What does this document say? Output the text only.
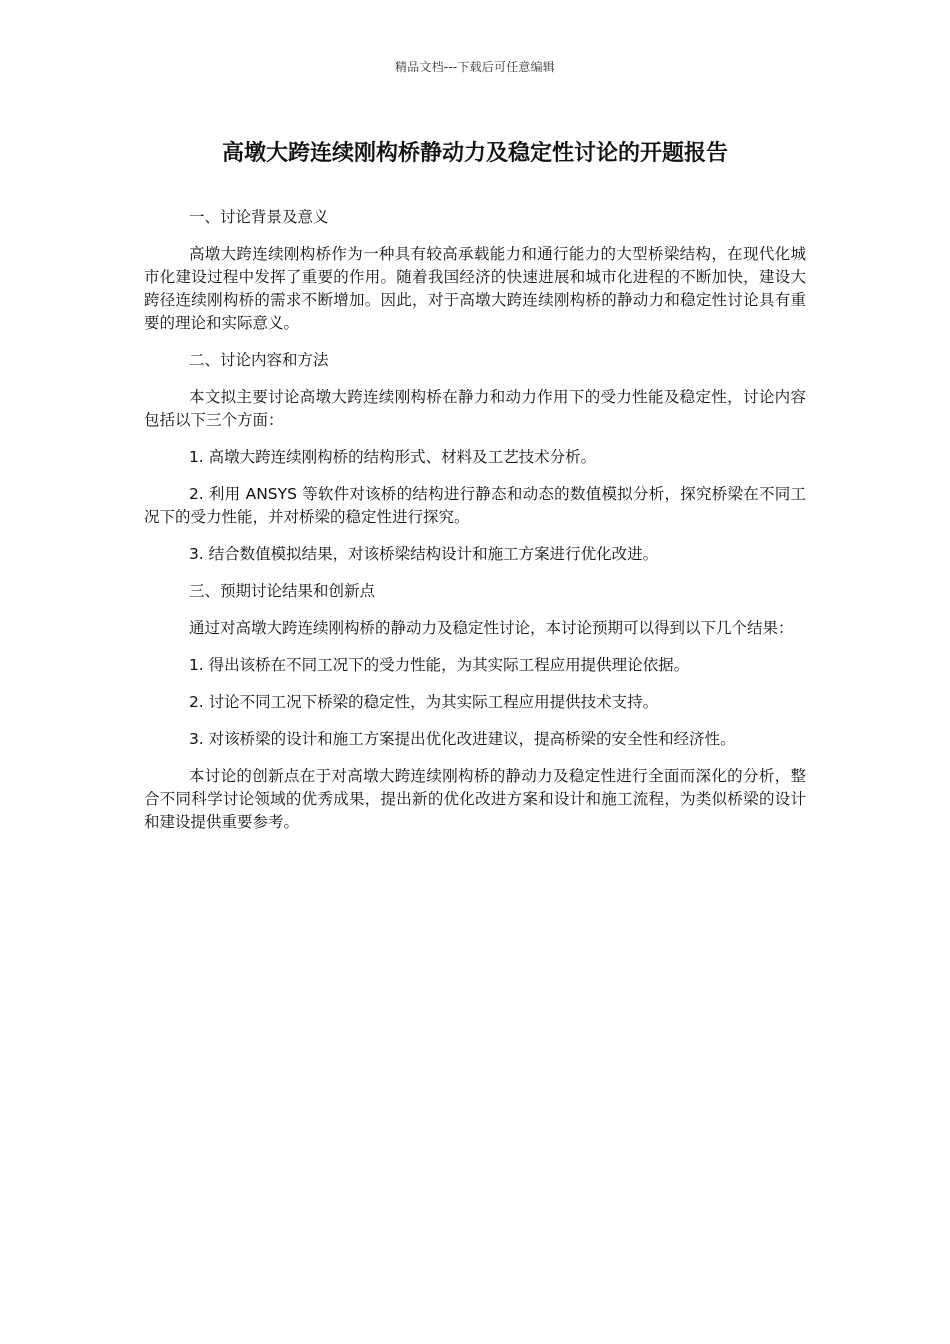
精品文档---下载后可任意编辑
高墩大跨连续刚构桥静动力及稳定性讨论的开题报告

一、讨论背景及意义

高墩大跨连续刚构桥作为一种具有较高承载能力和通行能力的大型桥梁结构，在现代化城市化建设过程中发挥了重要的作用。随着我国经济的快速进展和城市化进程的不断加快，建设大跨径连续刚构桥的需求不断增加。因此，对于高墩大跨连续刚构桥的静动力和稳定性讨论具有重要的理论和实际意义。

二、讨论内容和方法

本文拟主要讨论高墩大跨连续刚构桥在静力和动力作用下的受力性能及稳定性，讨论内容包括以下三个方面：

1. 高墩大跨连续刚构桥的结构形式、材料及工艺技术分析。

2. 利用 ANSYS 等软件对该桥的结构进行静态和动态的数值模拟分析，探究桥梁在不同工况下的受力性能，并对桥梁的稳定性进行探究。

3. 结合数值模拟结果，对该桥梁结构设计和施工方案进行优化改进。

三、预期讨论结果和创新点

通过对高墩大跨连续刚构桥的静动力及稳定性讨论，本讨论预期可以得到以下几个结果：

1. 得出该桥在不同工况下的受力性能，为其实际工程应用提供理论依据。

2. 讨论不同工况下桥梁的稳定性，为其实际工程应用提供技术支持。

3. 对该桥梁的设计和施工方案提出优化改进建议，提高桥梁的安全性和经济性。

本讨论的创新点在于对高墩大跨连续刚构桥的静动力及稳定性进行全面而深化的分析，整合不同科学讨论领域的优秀成果，提出新的优化改进方案和设计和施工流程，为类似桥梁的设计和建设提供重要参考。
